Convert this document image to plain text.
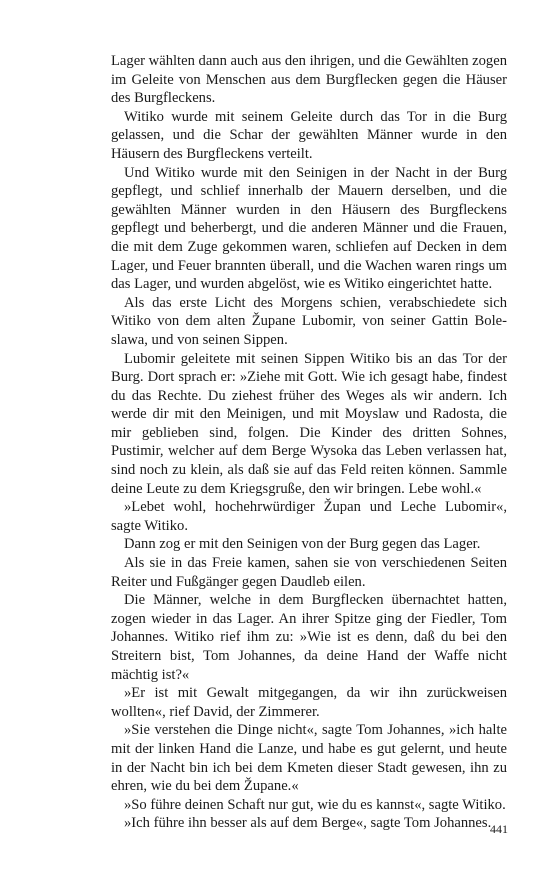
Lager wählten dann auch aus den ihrigen, und die Gewählten zogen im Geleite von Menschen aus dem Burgflecken gegen die Häuser des Burgfleckens.

Witiko wurde mit seinem Geleite durch das Tor in die Burg gelassen, und die Schar der gewählten Männer wurde in den Häusern des Burgfleckens verteilt.

Und Witiko wurde mit den Seinigen in der Nacht in der Burg gepflegt, und schlief innerhalb der Mauern derselben, und die gewählten Männer wurden in den Häusern des Burgfleckens gepflegt und beherbergt, und die anderen Männer und die Frauen, die mit dem Zuge gekommen waren, schliefen auf Decken in dem Lager, und Feuer brannten überall, und die Wachen waren rings um das Lager, und wurden abgelöst, wie es Witiko eingerichtet hatte.

Als das erste Licht des Morgens schien, verabschiedete sich Witiko von dem alten Župane Lubomir, von seiner Gattin Boleslawa, und von seinen Sippen.

Lubomir geleitete mit seinen Sippen Witiko bis an das Tor der Burg. Dort sprach er: »Ziehe mit Gott. Wie ich gesagt habe, findest du das Rechte. Du ziehest früher des Weges als wir andern. Ich werde dir mit den Meinigen, und mit Moyslaw und Radosta, die mir geblieben sind, folgen. Die Kinder des dritten Sohnes, Pustimir, welcher auf dem Berge Wysoka das Leben verlassen hat, sind noch zu klein, als daß sie auf das Feld reiten können. Sammle deine Leute zu dem Kriegsgruße, den wir bringen. Lebe wohl.«

»Lebet wohl, hochehrwürdiger Župan und Leche Lubomir«, sagte Witiko.

Dann zog er mit den Seinigen von der Burg gegen das Lager.

Als sie in das Freie kamen, sahen sie von verschiedenen Seiten Reiter und Fußgänger gegen Daudleb eilen.

Die Männer, welche in dem Burgflecken übernachtet hatten, zogen wieder in das Lager. An ihrer Spitze ging der Fiedler, Tom Johannes. Witiko rief ihm zu: »Wie ist es denn, daß du bei den Streitern bist, Tom Johannes, da deine Hand der Waffe nicht mächtig ist?«

»Er ist mit Gewalt mitgegangen, da wir ihn zurückweisen wollten«, rief David, der Zimmerer.

»Sie verstehen die Dinge nicht«, sagte Tom Johannes, »ich halte mit der linken Hand die Lanze, und habe es gut gelernt, und heute in der Nacht bin ich bei dem Kmeten dieser Stadt gewesen, ihn zu ehren, wie du bei dem Župane.«

»So führe deinen Schaft nur gut, wie du es kannst«, sagte Witiko.

»Ich führe ihn besser als auf dem Berge«, sagte Tom Johannes.

441
